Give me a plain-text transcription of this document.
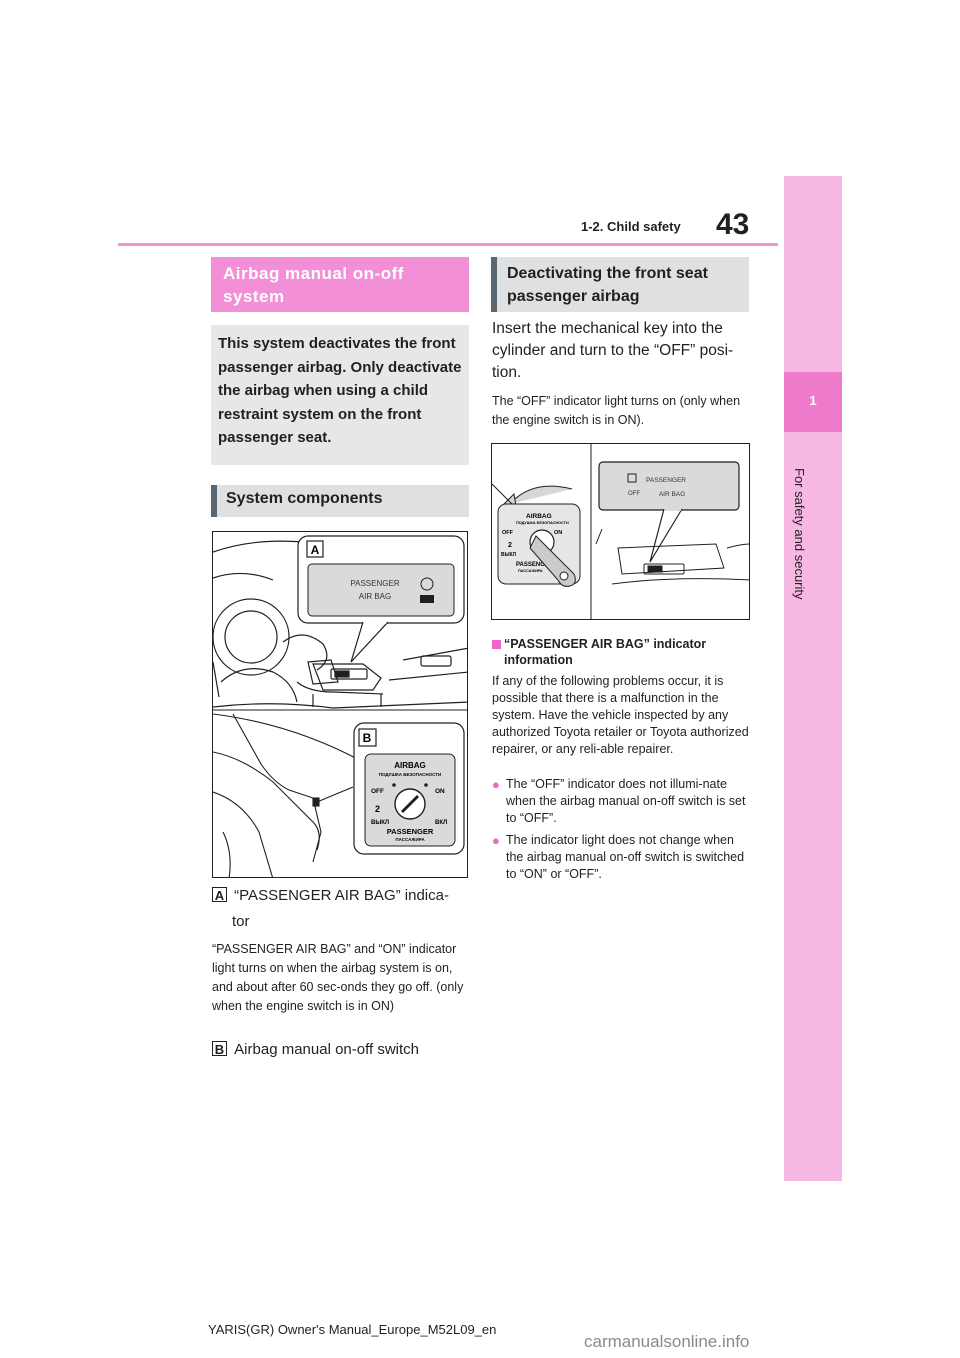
43
1-2. Child safety
1
For safety and security
Airbag manual on-off system
This system deactivates the front passenger airbag. Only deactivate the airbag when using a child restraint system on the front passenger seat.
System components
A
PASSENGER
AIR BAG
B
AIRBAG
ПОДУШКА БЕЗОПАСНОСТИ
OFF	ON
2
ВЫКЛ	ВКЛ
PASSENGER
ПАССАЖИРА
A “PASSENGER AIR BAG” indica-
tor
“PASSENGER AIR BAG” and “ON” indicator light turns on when the airbag system is on, and about after 60 sec-onds they go off. (only when the engine switch is in ON)
B Airbag manual on-off switch
Deactivating the front seat passenger airbag
Insert the mechanical key into the cylinder and turn to the “OFF” posi-tion.
The “OFF” indicator light turns on (only when the engine switch is in ON).
AIRBAG
ПОДУШКА БЕЗОПАСНОСТИ
OFF	ON
2
ВЫКЛ
PASSENG
ПАССАЖИРА
OFF
PASSENGER
AIR BAG
“PASSENGER AIR BAG” indicator information
If any of the following problems occur, it is possible that there is a malfunction in the system. Have the vehicle inspected by any authorized Toyota retailer or Toyota authorized repairer, or any reli-able repairer.
● The “OFF” indicator does not illumi-nate when the airbag manual on-off switch is set to “OFF”.
● The indicator light does not change when the airbag manual on-off switch is switched to “ON” or “OFF”.
YARIS(GR) Owner's Manual_Europe_M52L09_en
carmanualsonline.info
